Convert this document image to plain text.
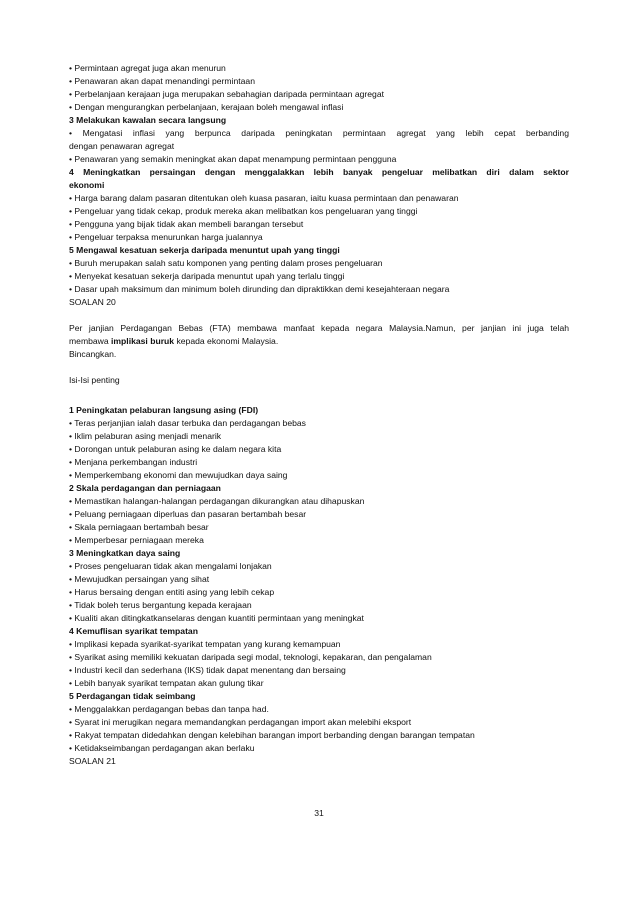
• Permintaan agregat juga akan menurun
• Penawaran akan dapat menandingi permintaan
• Perbelanjaan kerajaan juga merupakan sebahagian daripada permintaan agregat
• Dengan mengurangkan perbelanjaan, kerajaan boleh mengawal inflasi
3 Melakukan kawalan secara langsung
• Mengatasi inflasi yang berpunca daripada peningkatan permintaan agregat yang lebih cepat berbanding
dengan penawaran agregat
• Penawaran yang semakin meningkat akan dapat menampung permintaan pengguna
4 Meningkatkan persaingan dengan menggalakkan lebih banyak pengeluar melibatkan diri dalam sektor
ekonomi
• Harga barang dalam pasaran ditentukan oleh kuasa pasaran, iaitu kuasa permintaan dan penawaran
• Pengeluar yang tidak cekap, produk mereka akan melibatkan kos pengeluaran yang tinggi
• Pengguna yang bijak tidak akan membeli barangan tersebut
• Pengeluar terpaksa menurunkan harga jualannya
5 Mengawal kesatuan sekerja daripada menuntut upah yang tinggi
• Buruh merupakan salah satu komponen yang penting dalam proses pengeluaran
• Menyekat kesatuan sekerja daripada menuntut upah yang terlalu tinggi
• Dasar upah maksimum dan minimum boleh dirunding dan dipraktikkan demi kesejahteraan negara
SOALAN 20
Per janjian Perdagangan Bebas (FTA) membawa manfaat kepada negara Malaysia.Namun, per janjian ini juga telah
membawa implikasi buruk kepada ekonomi Malaysia.
Bincangkan.
Isi-Isi penting
1 Peningkatan pelaburan langsung asing (FDI)
• Teras perjanjian ialah dasar terbuka dan perdagangan bebas
• Iklim pelaburan asing menjadi menarik
• Dorongan untuk pelaburan asing ke dalam negara kita
• Menjana perkembangan industri
• Memperkembang ekonomi dan mewujudkan daya saing
2 Skala perdagangan dan perniagaan
• Memastikan halangan-halangan perdagangan dikurangkan atau dihapuskan
• Peluang perniagaan diperluas dan pasaran bertambah besar
• Skala perniagaan bertambah besar
• Memperbesar perniagaan mereka
3 Meningkatkan daya saing
• Proses pengeluaran tidak akan mengalami lonjakan
• Mewujudkan persaingan yang sihat
• Harus bersaing dengan entiti asing yang lebih cekap
• Tidak boleh terus bergantung kepada kerajaan
• Kualiti akan ditingkatkanselaras dengan kuantiti permintaan yang meningkat
4 Kemuflisan syarikat tempatan
• Implikasi kepada syarikat-syarikat tempatan yang kurang kemampuan
• Syarikat asing memiliki kekuatan daripada segi modal, teknologi, kepakaran, dan pengalaman
• Industri kecil dan sederhana (IKS) tidak dapat menentang dan bersaing
• Lebih banyak syarikat tempatan akan gulung tikar
5 Perdagangan tidak seimbang
• Menggalakkan perdagangan bebas dan tanpa had.
• Syarat ini merugikan negara memandangkan perdagangan import akan melebihi eksport
• Rakyat tempatan didedahkan dengan kelebihan barangan import berbanding dengan barangan tempatan
• Ketidakseimbangan perdagangan akan berlaku
SOALAN 21
31
